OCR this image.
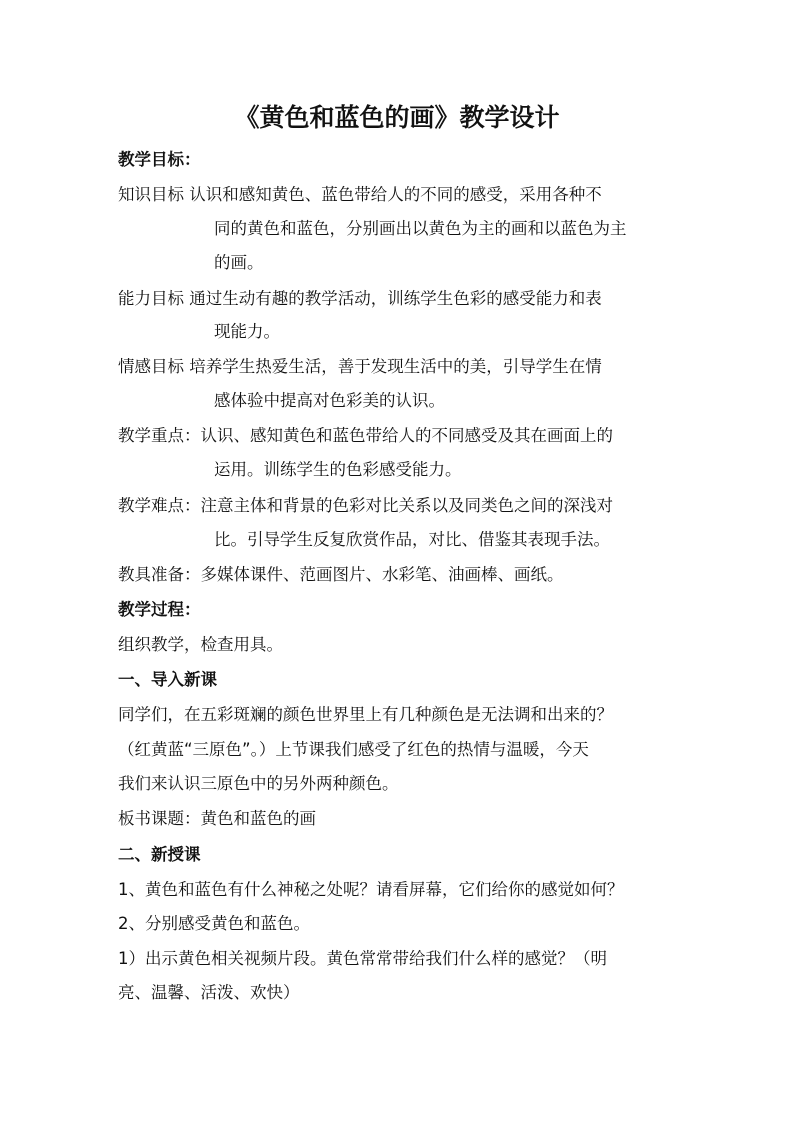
《黄色和蓝色的画》教学设计
教学目标：
知识目标 认识和感知黄色、蓝色带给人的不同的感受，采用各种不
同的黄色和蓝色，分别画出以黄色为主的画和以蓝色为主
的画。
能力目标 通过生动有趣的教学活动，训练学生色彩的感受能力和表
现能力。
情感目标 培养学生热爱生活，善于发现生活中的美，引导学生在情
感体验中提高对色彩美的认识。
教学重点：认识、感知黄色和蓝色带给人的不同感受及其在画面上的
运用。训练学生的色彩感受能力。
教学难点：注意主体和背景的色彩对比关系以及同类色之间的深浅对
比。引导学生反复欣赏作品，对比、借鉴其表现手法。
教具准备：多媒体课件、范画图片、水彩笔、油画棒、画纸。
教学过程：
组织教学，检查用具。
一、导入新课
同学们，在五彩斑斓的颜色世界里上有几种颜色是无法调和出来的？
（红黄蓝“三原色”。）上节课我们感受了红色的热情与温暖，今天
我们来认识三原色中的另外两种颜色。
板书课题：黄色和蓝色的画
二、新授课
1、黄色和蓝色有什么神秘之处呢？请看屏幕，它们给你的感觉如何？
2、分别感受黄色和蓝色。
1）出示黄色相关视频片段。黄色常常带给我们什么样的感觉？（明
亮、温馨、活泼、欢快）
